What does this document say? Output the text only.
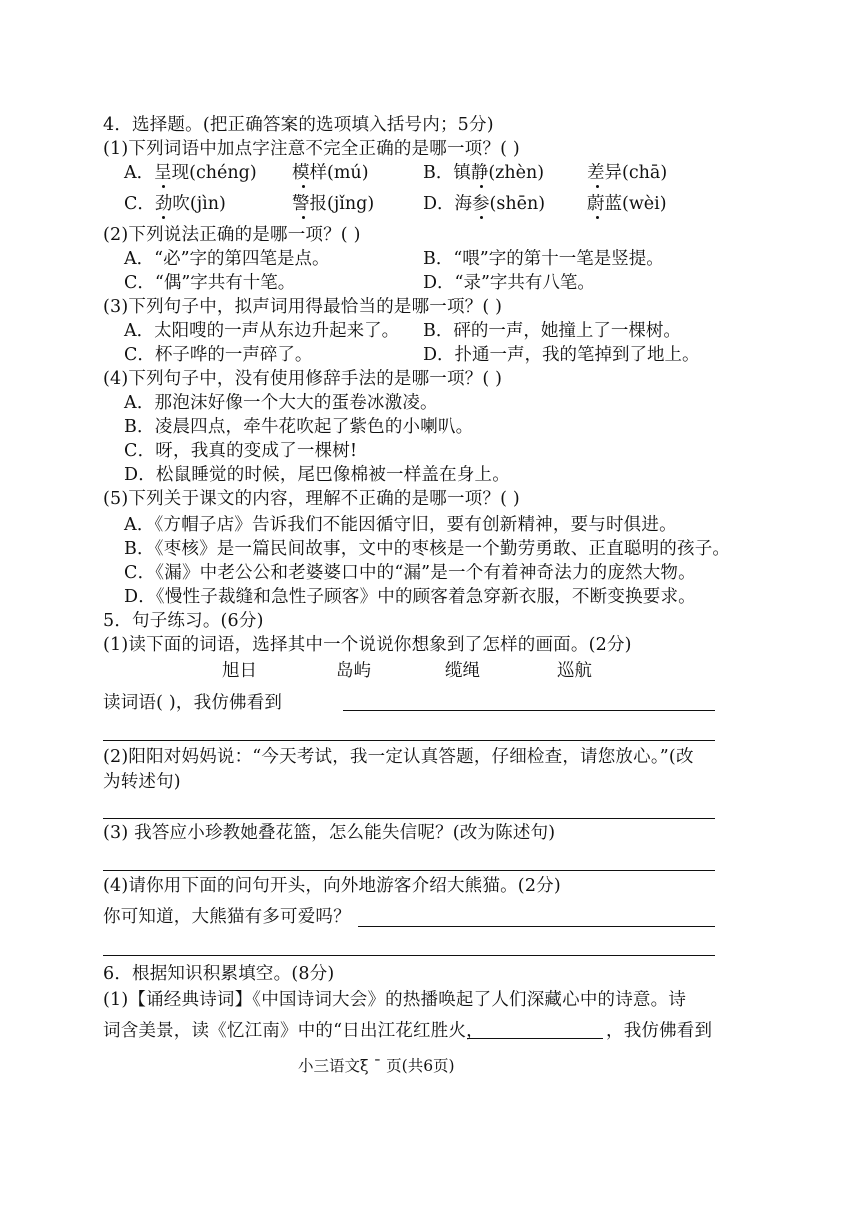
4．选择题。(把正确答案的选项填入括号内；5分)
(1)下列词语中加点字注意不完全正确的是哪一项？( )
A．呈现(chéng) 模样(mú)	B．镇静(zhèn) 差异(chā)
C．劲吹(jìn)	警报(jǐng)	D．海参(shēn) 蔚蓝(wèi)
(2)下列说法正确的是哪一项？( )
A．“必”字的第四笔是点。	B．“喂”字的第十一笔是竖提。
C．“偶”字共有十笔。	D．“录”字共有八笔。
(3)下列句子中，拟声词用得最恰当的是哪一项？( )
A．太阳嗖的一声从东边升起来了。 B．砰的一声，她撞上了一棵树。
C．杯子哗的一声碎了。	D．扑通一声，我的笔掉到了地上。
(4)下列句子中，没有使用修辞手法的是哪一项？( )
A．那泡沫好像一个大大的蛋卷冰激凌。
B．凌晨四点，牵牛花吹起了紫色的小喇叭。
C．呀，我真的变成了一棵树!
D．松鼠睡觉的时候，尾巴像棉被一样盖在身上。
(5)下列关于课文的内容，理解不正确的是哪一项？( )
A．《方帽子店》告诉我们不能因循守旧，要有创新精神，要与时俱进。
B．《枣核》是一篇民间故事，文中的枣核是一个勤劳勇敢、正直聪明的孩子。
C．《漏》中老公公和老婆婆口中的“漏”是一个有着神奇法力的庞然大物。
D．《慢性子裁缝和急性子顾客》中的顾客着急穿新衣服，不断变换要求。
5．句子练习。(6分)
(1)读下面的词语，选择其中一个说说你想象到了怎样的画面。(2分)
旭日	岛屿	缆绳	巡航
读词语( )，我仿佛看到
(2)阳阳对妈妈说：“今天考试，我一定认真答题，仔细检查，请您放心。”(改
为转述句)
(3) 我答应小珍教她叠花篮，怎么能失信呢？(改为陈述句)
(4)请你用下面的问句开头，向外地游客介绍大熊猫。(2分)
你可知道，大熊猫有多可爱吗？
6．根据知识积累填空。(8分)
(1)【诵经典诗词】《中国诗词大会》的热播唤起了人们深藏心中的诗意。诗
词含美景，读《忆江南》中的“日出江花红胜火，	，我仿佛看到
小三语文ξ ˉ 页(共6页)
